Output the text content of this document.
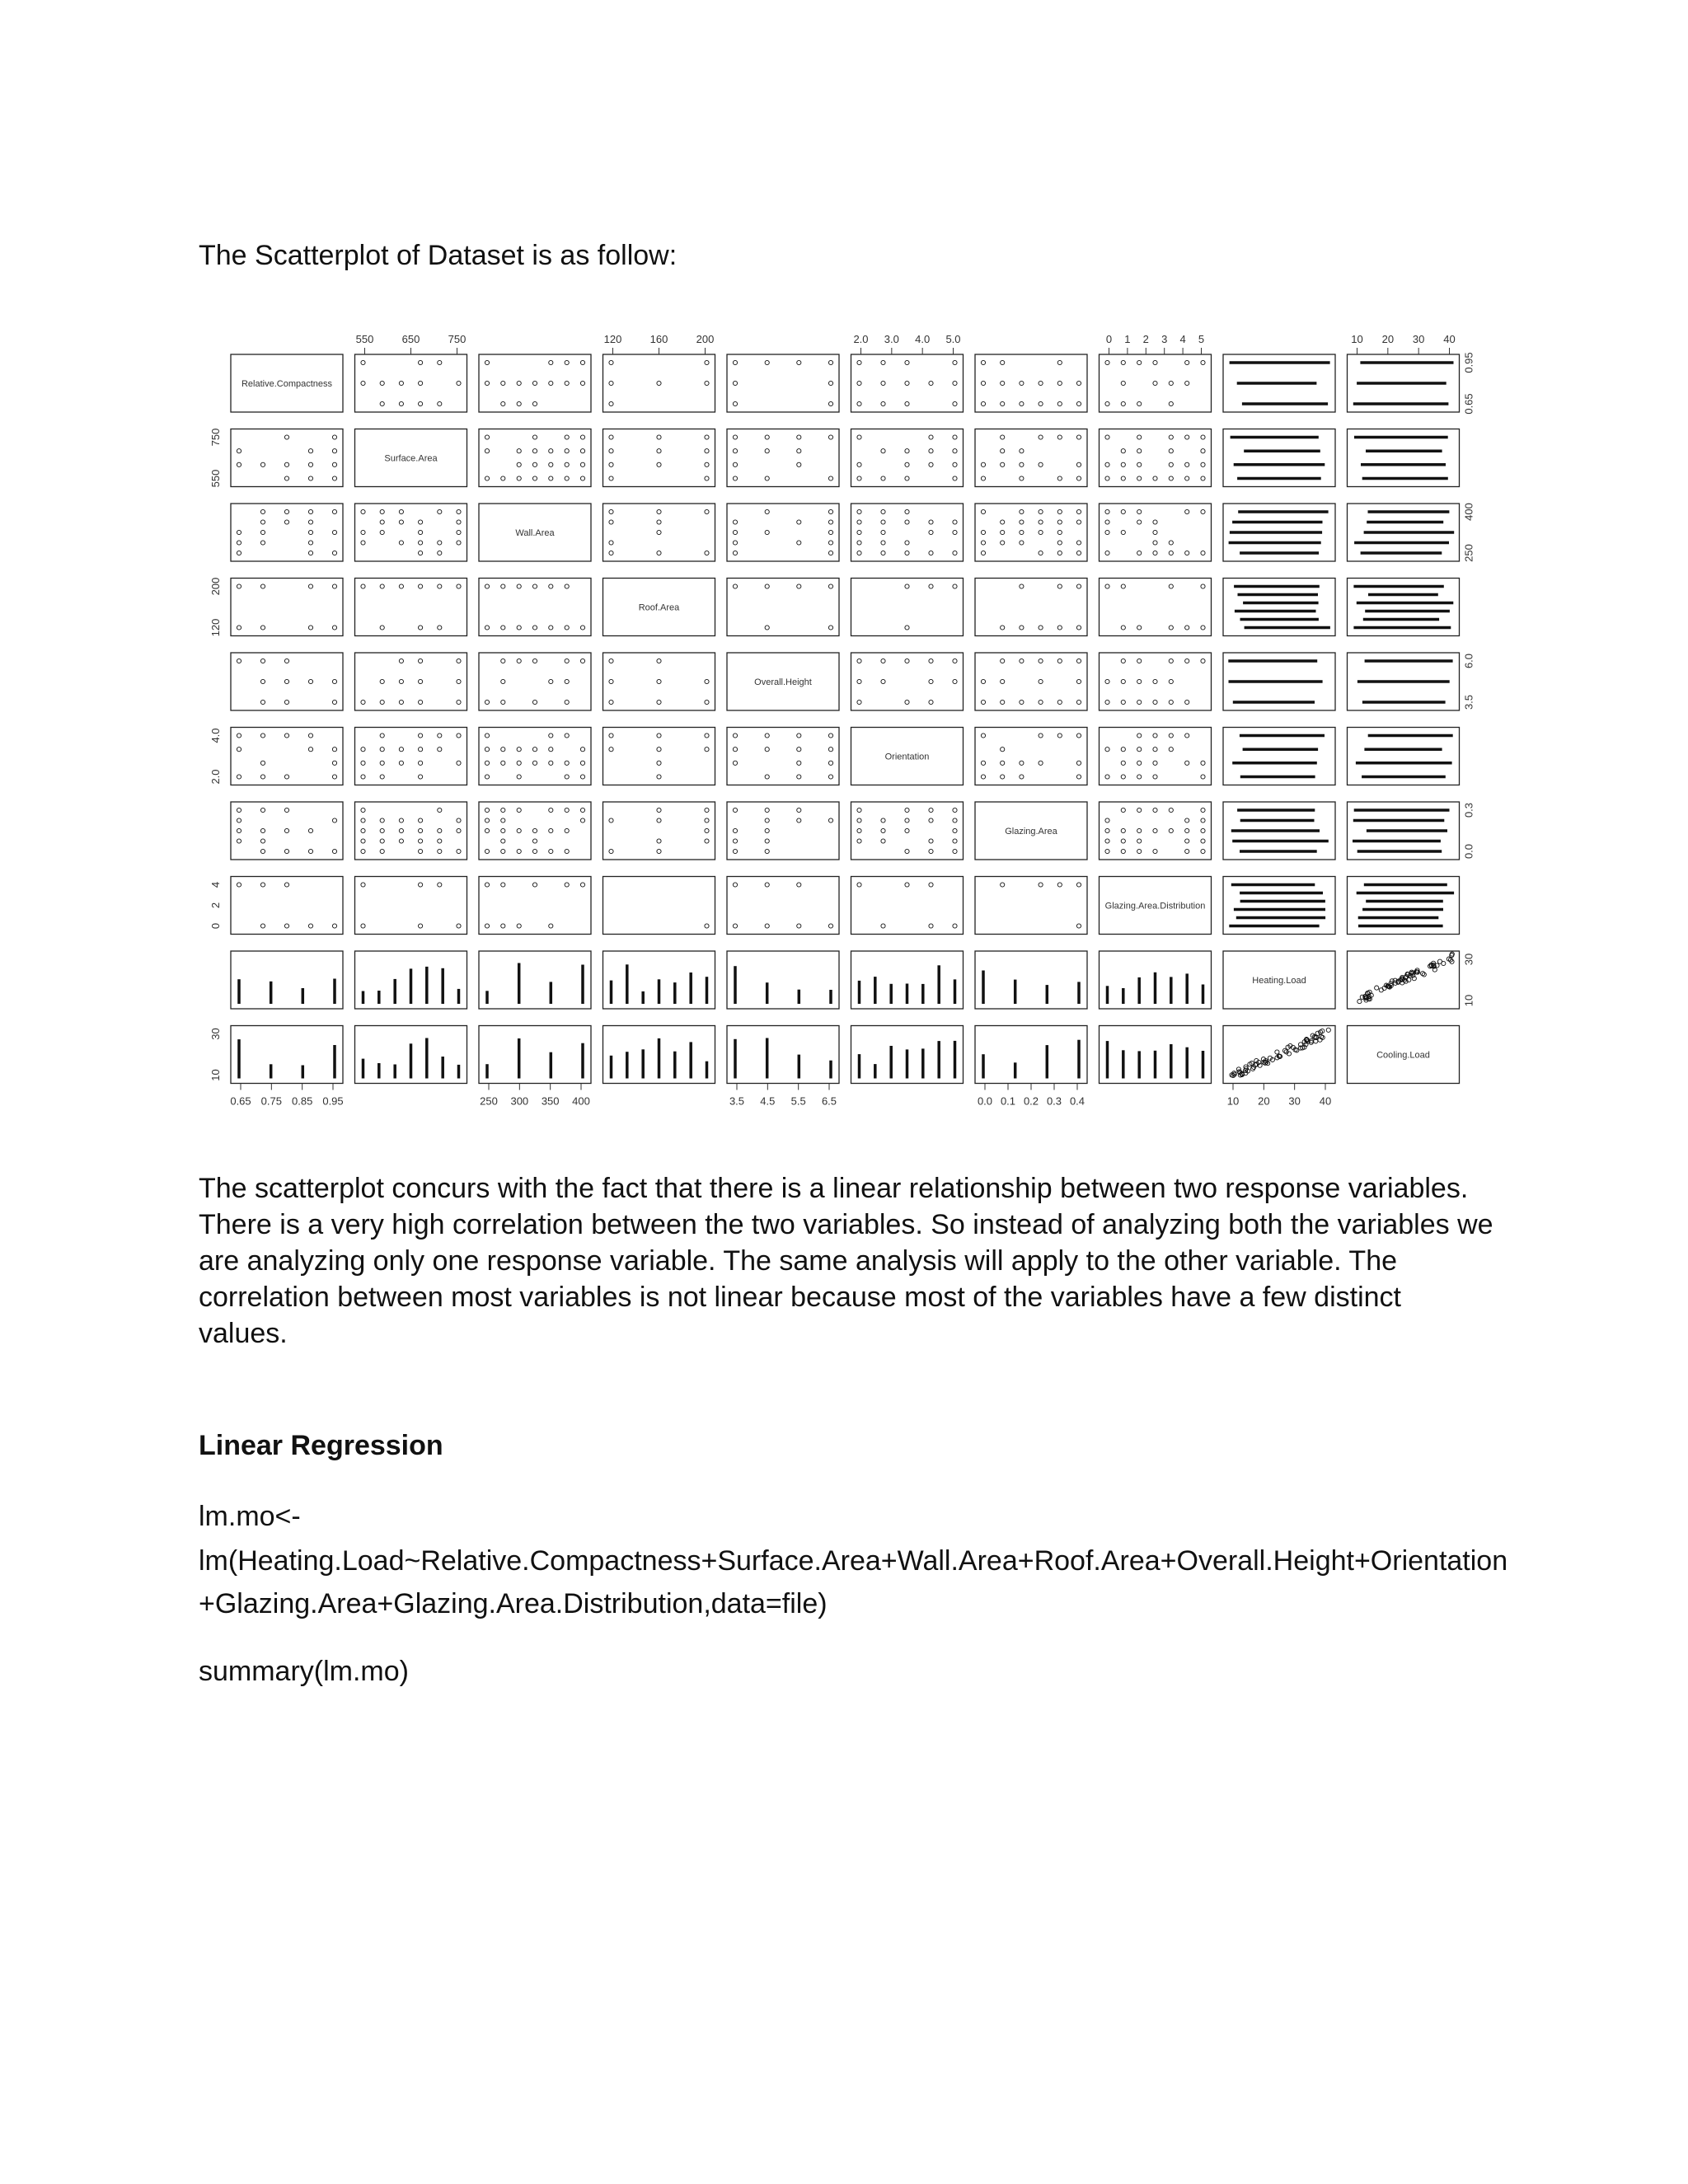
The Scatterplot of Dataset is as follow:
Relative.Compactness
Surface.Area
Wall.Area
Roof.Area
Overall.Height
Orientation
Glazing.Area
Glazing.Area.Distribution
Heating.Load
Cooling.Load
550	650	750	120	160	200	2.0 3.0 4.0 5.0	0 1 2 3 4 5	10 20 30 40
0.65 0.75 0.85 0.95	250 300 350 400	3.5 4.5 5.5 6.5	0.0 0.1 0.2 0.3 0.4	10 20 30 40
550
750
120
200
2.0
4.0
0
2
4
10
30
0.65
0.95
250
400
3.5
6.0
0.0
0.3
10
30
The scatterplot concurs with the fact that there is a linear relationship between two response variables.
There is a very high correlation between the two variables. So instead of analyzing both the variables we
are analyzing only one response variable. The same analysis will apply to the other variable. The
correlation between most variables is not linear because most of the variables have a few distinct
values.
Linear Regression
lm.mo<-
lm(Heating.Load~Relative.Compactness+Surface.Area+Wall.Area+Roof.Area+Overall.Height+Orientation
+Glazing.Area+Glazing.Area.Distribution,data=file)
summary(lm.mo)
